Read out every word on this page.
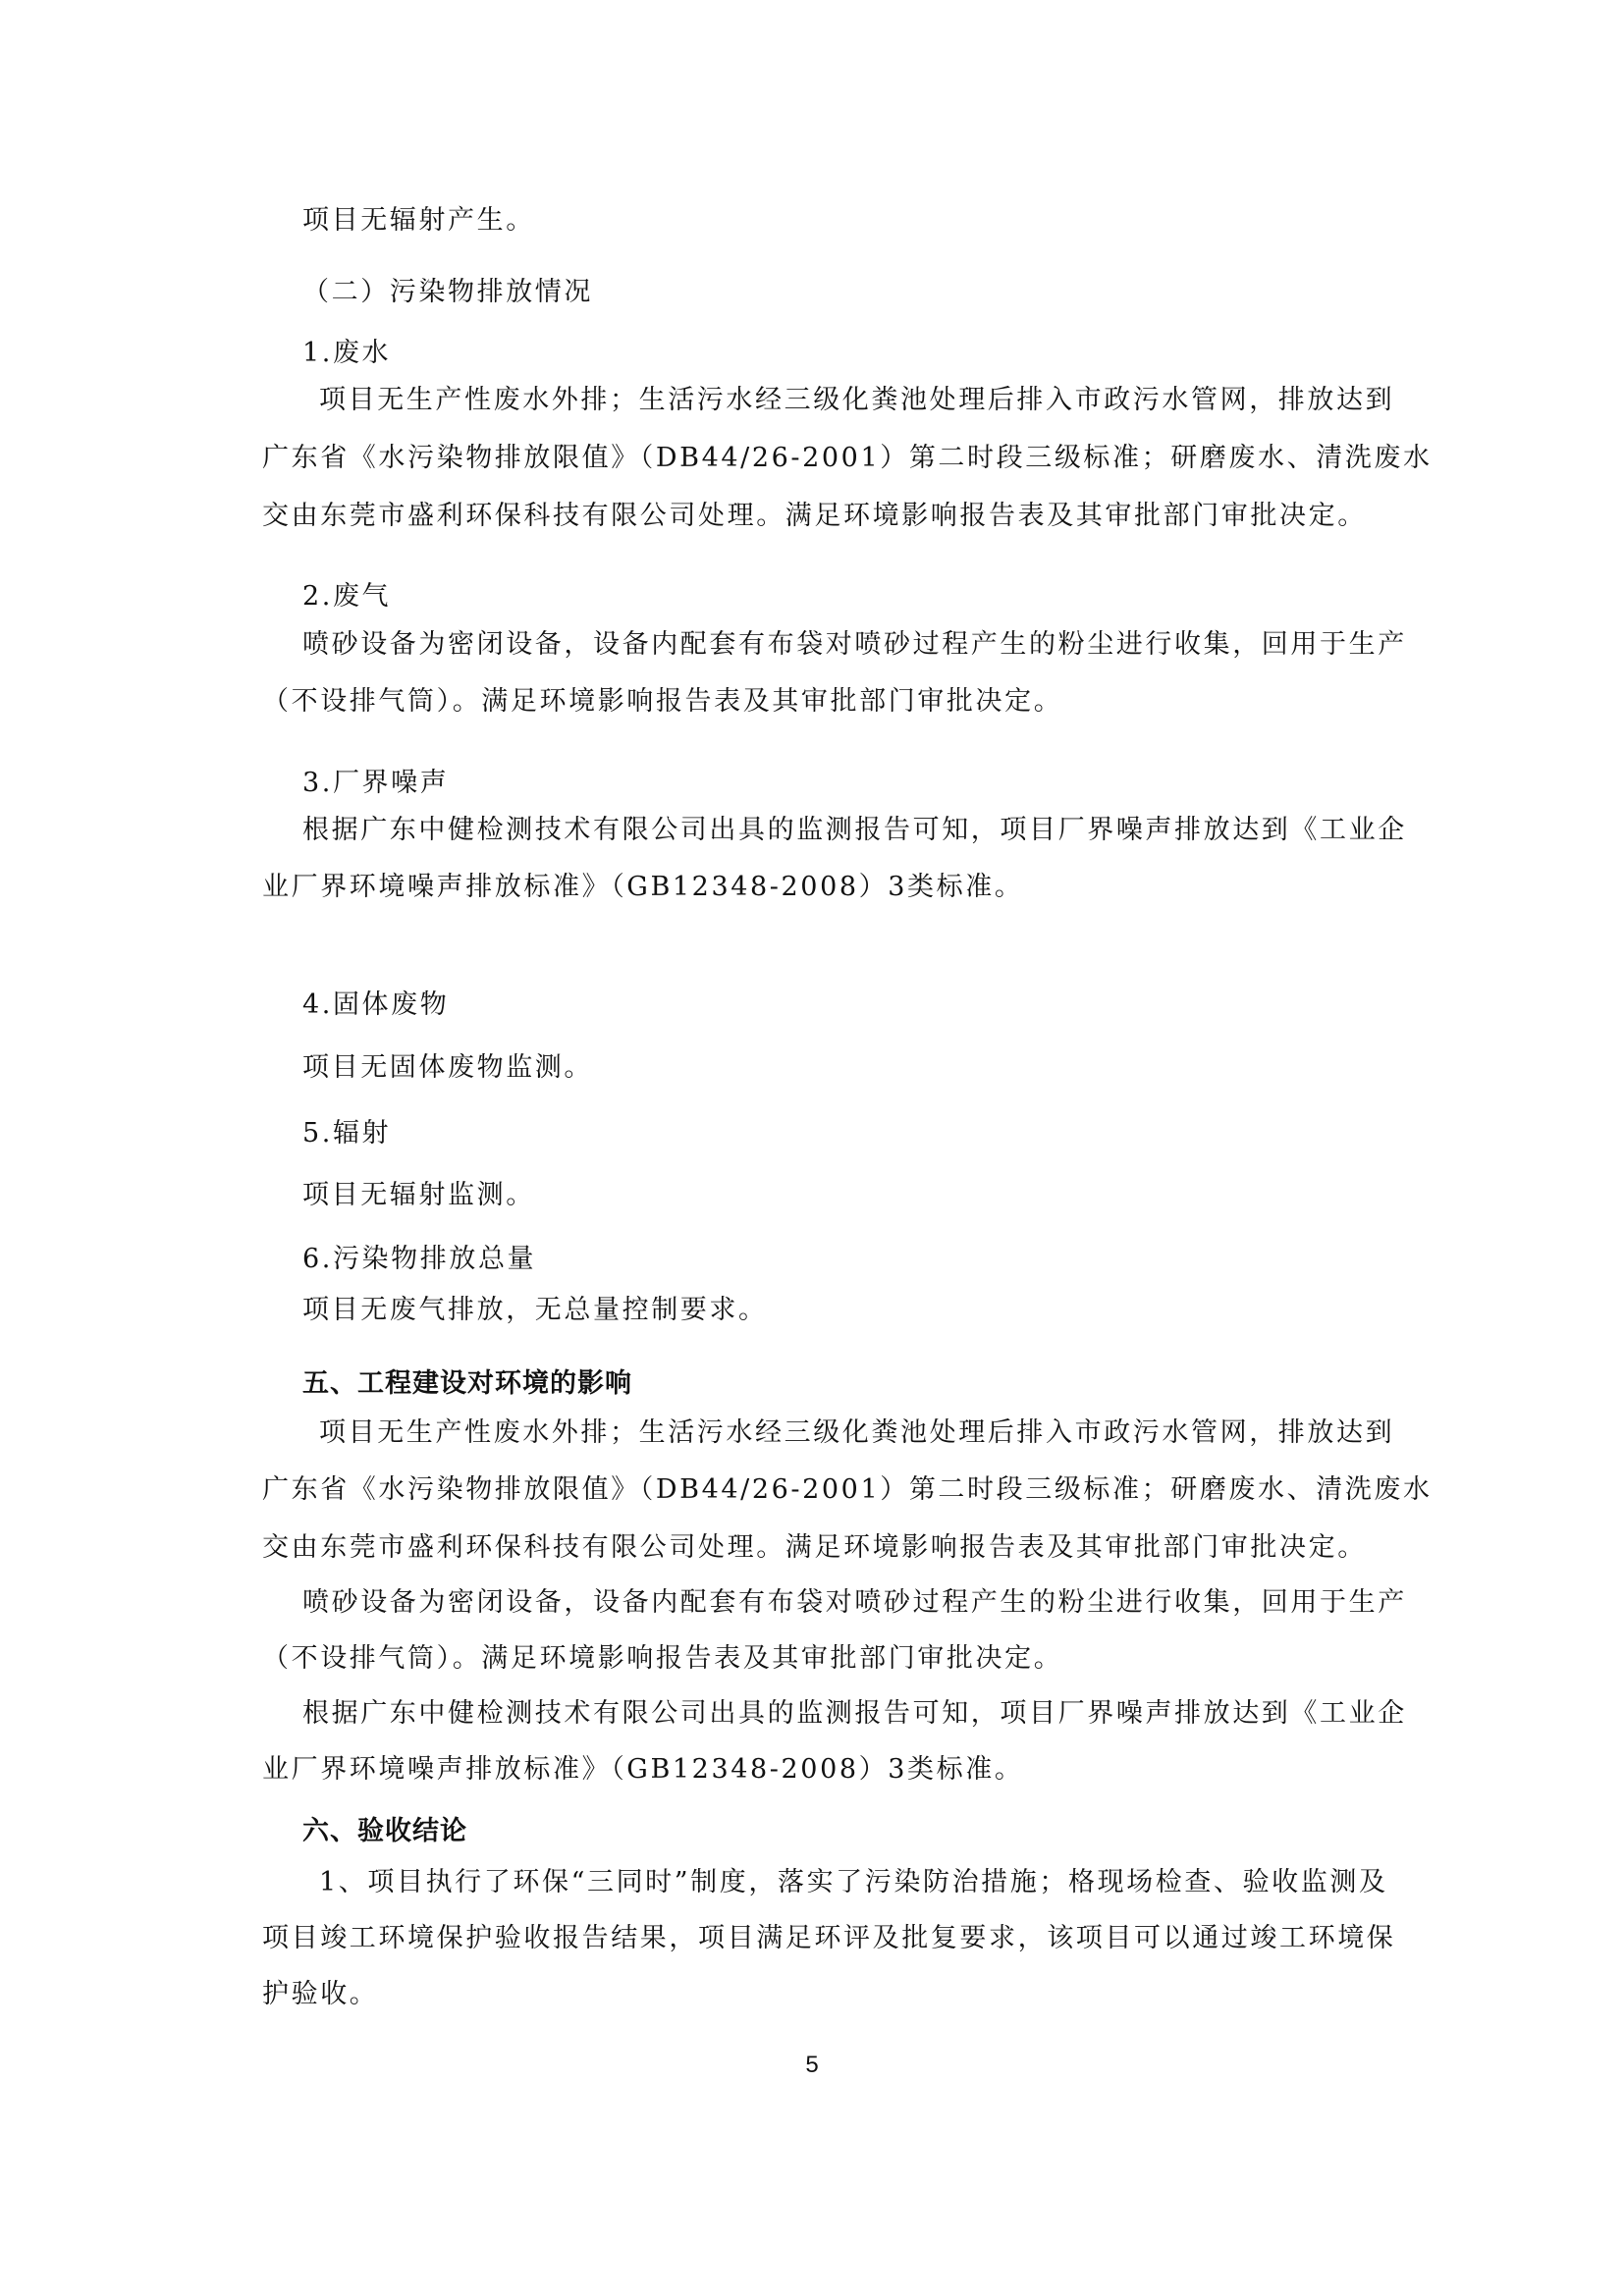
项目无辐射产生。
（二）污染物排放情况
1.废水
项目无生产性废水外排；生活污水经三级化粪池处理后排入市政污水管网，排放达到
广东省《水污染物排放限值》（DB44/26-2001）第二时段三级标准；研磨废水、清洗废水
交由东莞市盛利环保科技有限公司处理。满足环境影响报告表及其审批部门审批决定。
2.废气
喷砂设备为密闭设备，设备内配套有布袋对喷砂过程产生的粉尘进行收集，回用于生产
（不设排气筒）。满足环境影响报告表及其审批部门审批决定。
3.厂界噪声
根据广东中健检测技术有限公司出具的监测报告可知，项目厂界噪声排放达到《工业企
业厂界环境噪声排放标准》（GB12348-2008）3类标准。
4.固体废物
项目无固体废物监测。
5.辐射
项目无辐射监测。
6.污染物排放总量
项目无废气排放，无总量控制要求。
五、工程建设对环境的影响
项目无生产性废水外排；生活污水经三级化粪池处理后排入市政污水管网，排放达到
广东省《水污染物排放限值》（DB44/26-2001）第二时段三级标准；研磨废水、清洗废水
交由东莞市盛利环保科技有限公司处理。满足环境影响报告表及其审批部门审批决定。
喷砂设备为密闭设备，设备内配套有布袋对喷砂过程产生的粉尘进行收集，回用于生产
（不设排气筒）。满足环境影响报告表及其审批部门审批决定。
根据广东中健检测技术有限公司出具的监测报告可知，项目厂界噪声排放达到《工业企
业厂界环境噪声排放标准》（GB12348-2008）3类标准。
六、验收结论
1、项目执行了环保“三同时”制度，落实了污染防治措施；格现场检查、验收监测及
项目竣工环境保护验收报告结果，项目满足环评及批复要求，该项目可以通过竣工环境保
护验收。
5
